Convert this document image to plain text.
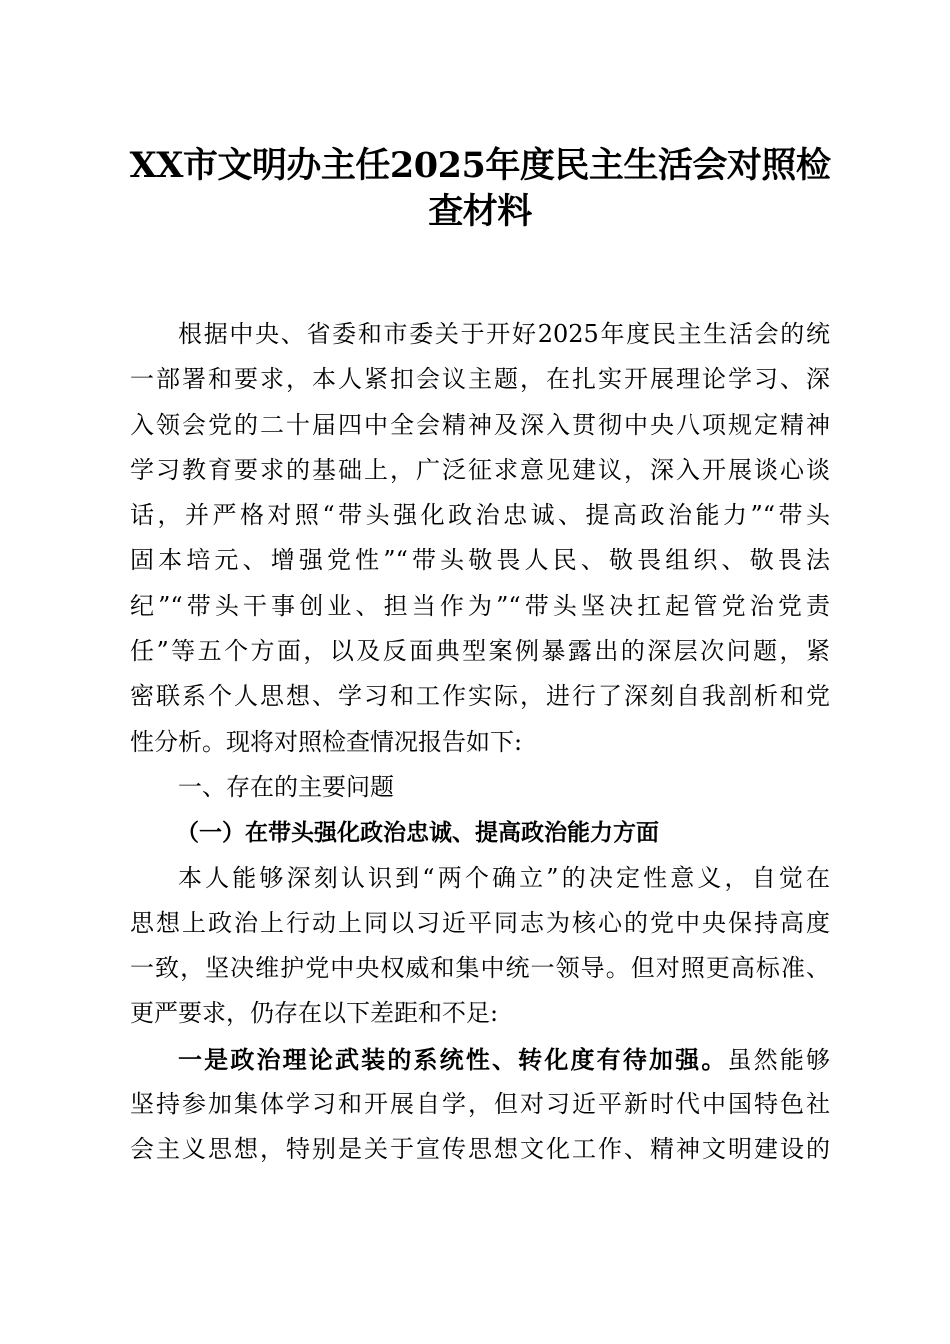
XX市文明办主任2025年度民主生活会对照检
查材料
根据中央、省委和市委关于开好2025年度民主生活会的统
一部署和要求，本人紧扣会议主题，在扎实开展理论学习、深
入领会党的二十届四中全会精神及深入贯彻中央八项规定精神
学习教育要求的基础上，广泛征求意见建议，深入开展谈心谈
话，并严格对照“带头强化政治忠诚、提高政治能力”“带头
固本培元、增强党性”“带头敬畏人民、敬畏组织、敬畏法
纪”“带头干事创业、担当作为”“带头坚决扛起管党治党责
任”等五个方面，以及反面典型案例暴露出的深层次问题，紧
密联系个人思想、学习和工作实际，进行了深刻自我剖析和党
性分析。现将对照检查情况报告如下:
一、存在的主要问题
（一）在带头强化政治忠诚、提高政治能力方面
本人能够深刻认识到“两个确立”的决定性意义，自觉在
思想上政治上行动上同以习近平同志为核心的党中央保持高度
一致，坚决维护党中央权威和集中统一领导。但对照更高标准、
更严要求，仍存在以下差距和不足:
一是政治理论武装的系统性、转化度有待加强。虽然能够
坚持参加集体学习和开展自学，但对习近平新时代中国特色社
会主义思想，特别是关于宣传思想文化工作、精神文明建设的
